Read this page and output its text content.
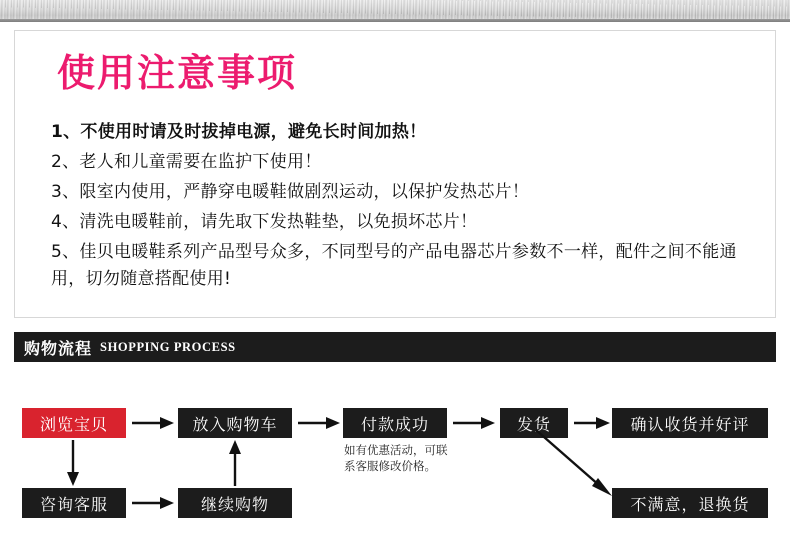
使用注意事项
1、不使用时请及时拔掉电源，避免长时间加热！
2、老人和儿童需要在监护下使用！
3、限室内使用，严静穿电暖鞋做剧烈运动，以保护发热芯片！
4、清洗电暖鞋前，请先取下发热鞋垫，以免损坏芯片！
5、佳贝电暖鞋系列产品型号众多，不同型号的产品电器芯片参数不一样，配件之间不能通用，切勿随意搭配使用!
购物流程 SHOPPING PROCESS
浏览宝贝	放入购物车	付款成功	发货	确认收货并好评
咨询客服	继续购物	不满意，退换货
如有优惠活动，可联系客服修改价格。
